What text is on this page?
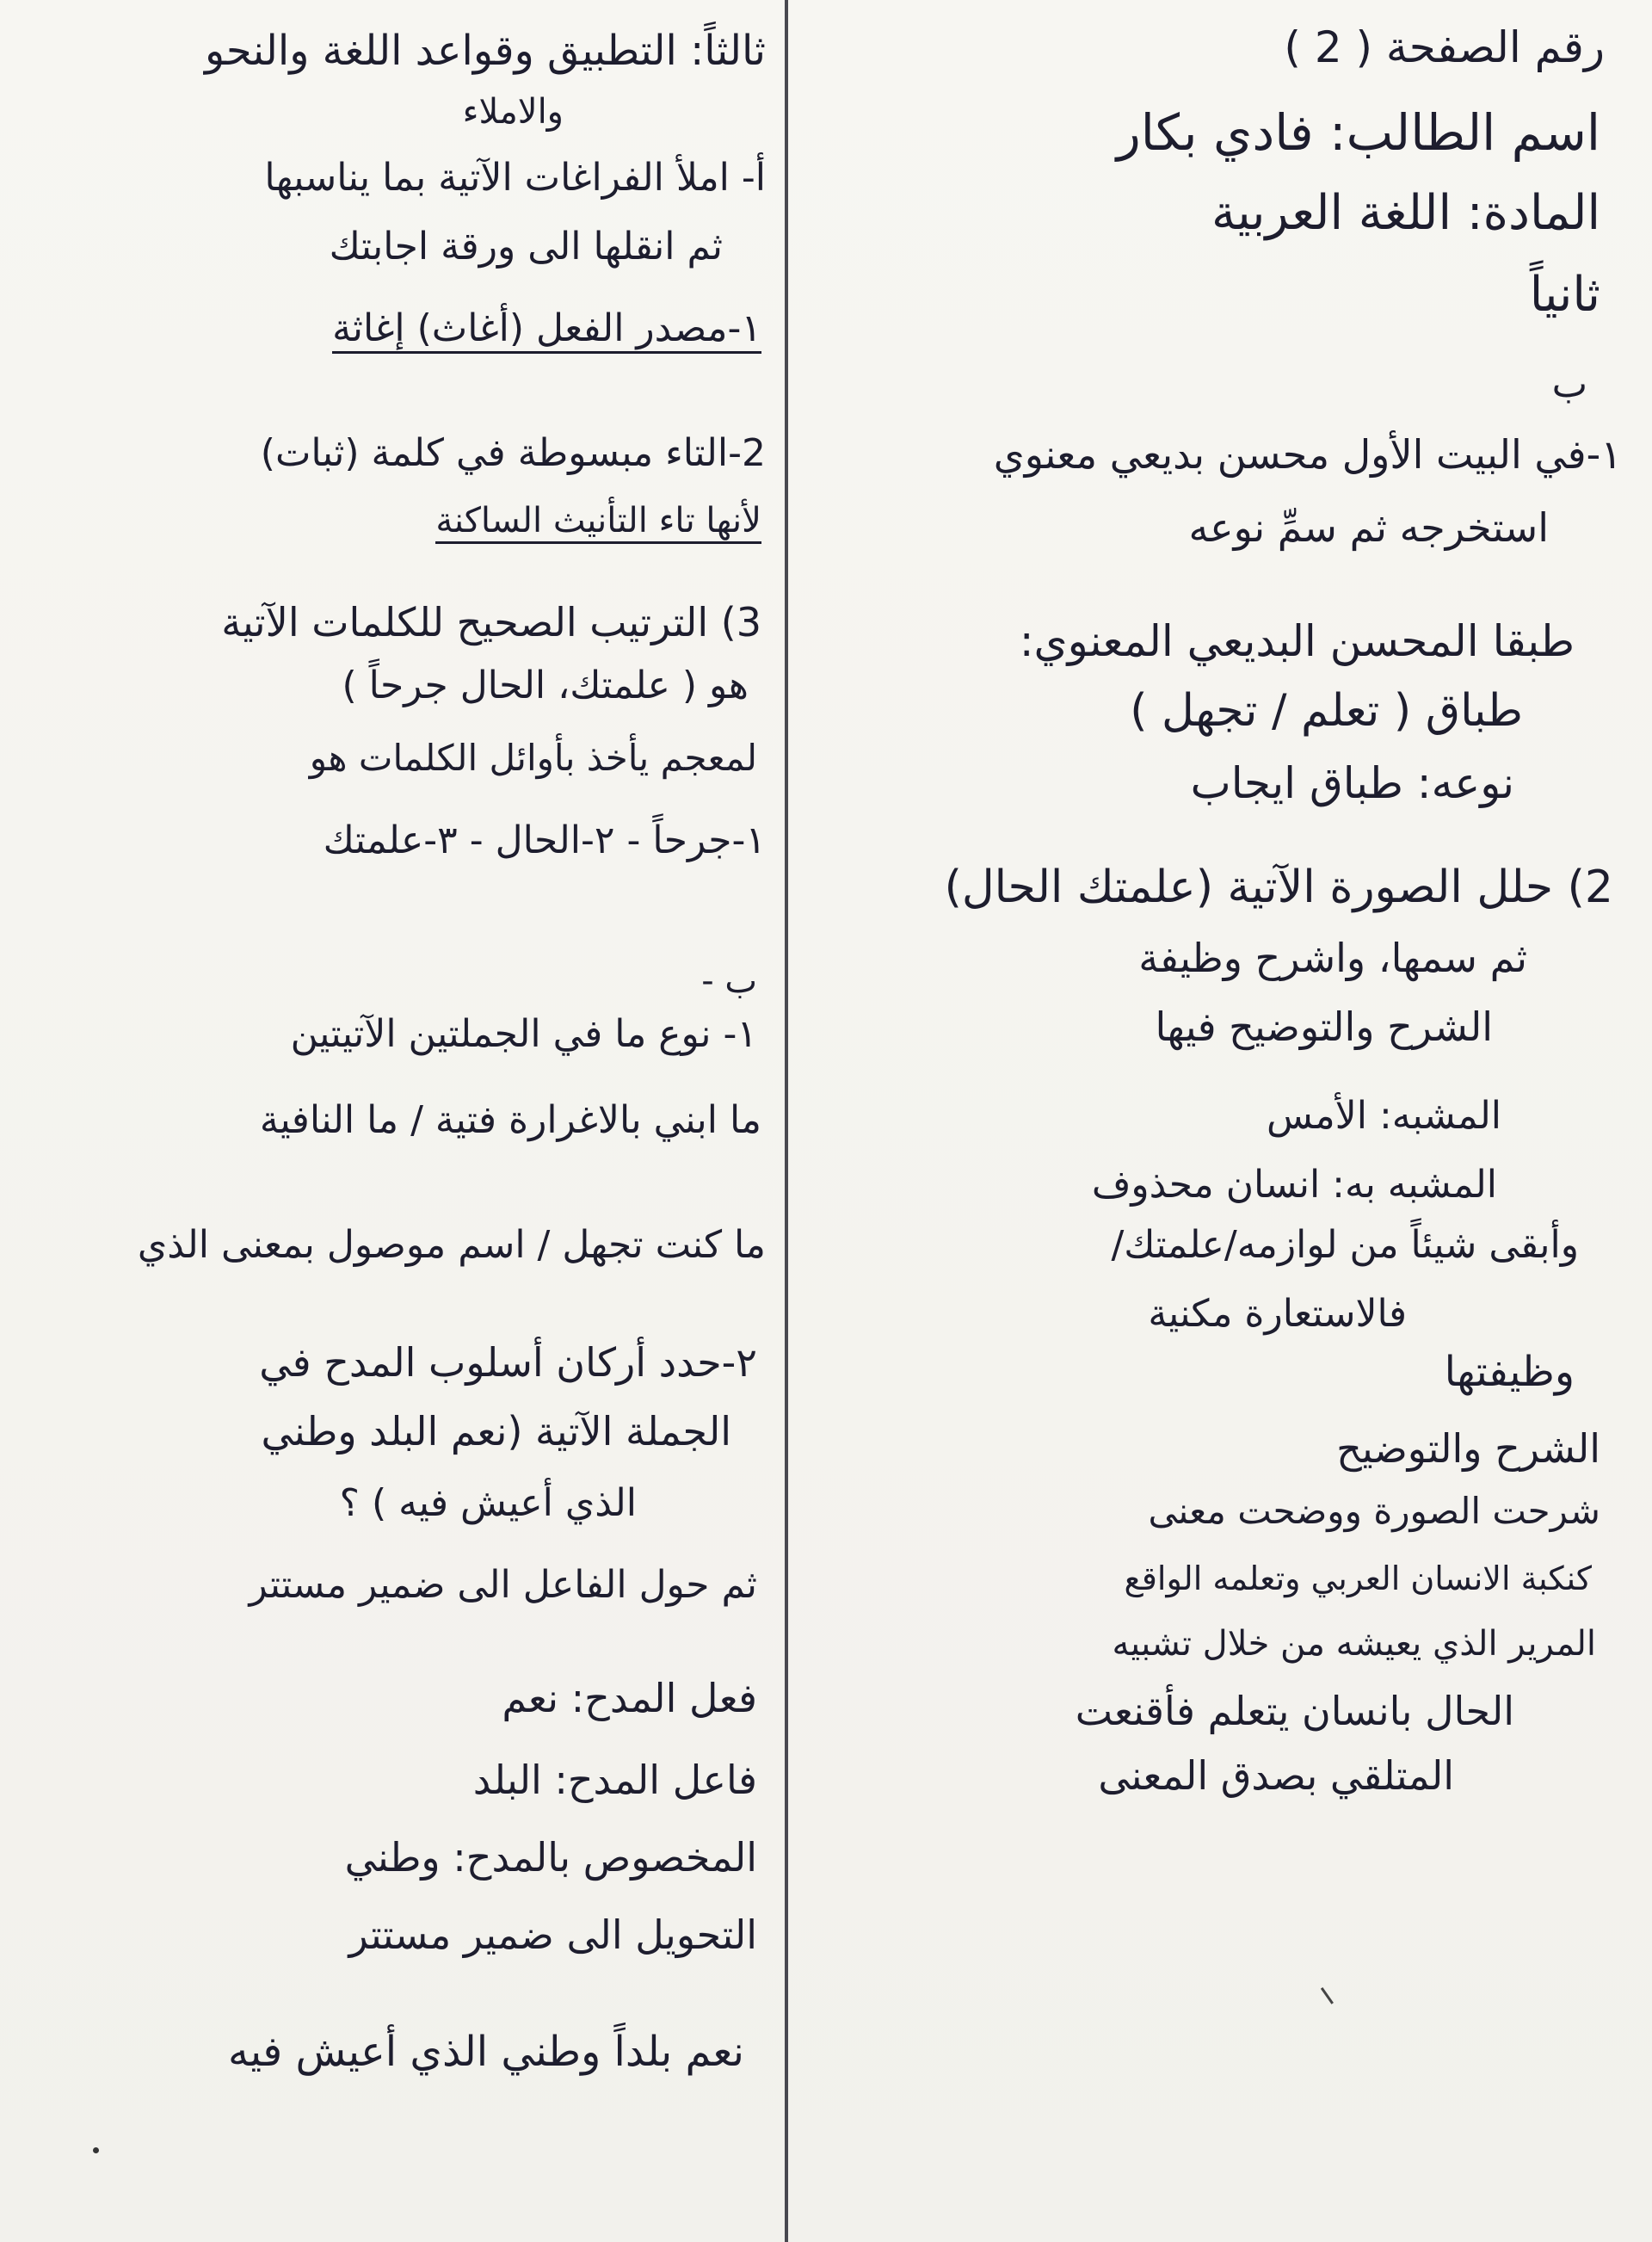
رقم الصفحة ( 2 )
اسم الطالب: فادي بكار
المادة: اللغة العربية
ثانياً
ب
١-في البيت الأول محسن بديعي معنوي
استخرجه ثم سمِّ نوعه
طبقا المحسن البديعي المعنوي:
طباق ( تعلم / تجهل )
نوعه: طباق ايجاب
2) حلل الصورة الآتية (علمتك الحال)
ثم سمها، واشرح وظيفة
الشرح والتوضيح فيها
المشبه: الأمس
المشبه به: انسان محذوف
وأبقى شيئاً من لوازمه/علمتك/
فالاستعارة مكنية
وظيفتها
الشرح والتوضيح
شرحت الصورة ووضحت معنى
كنكبة الانسان العربي وتعلمه الواقع
المرير الذي يعيشه من خلال تشبيه
الحال بانسان يتعلم فأقنعت
المتلقي بصدق المعنى
ثالثاً: التطبيق وقواعد اللغة والنحو
والاملاء
أ- املأ الفراغات الآتية بما يناسبها
ثم انقلها الى ورقة اجابتك
١-مصدر الفعل (أغاث) إغاثة
2-التاء مبسوطة في كلمة (ثبات)
لأنها تاء التأنيث الساكنة
3) الترتيب الصحيح للكلمات الآتية
هو ( علمتك، الحال جرحاً )
لمعجم يأخذ بأوائل الكلمات هو
١-جرحاً - ٢-الحال - ٣-علمتك
ب -
١- نوع ما في الجملتين الآتيتين
ما ابني بالاغرارة فتية / ما النافية
ما كنت تجهل / اسم موصول بمعنى الذي
٢-حدد أركان أسلوب المدح في
الجملة الآتية (نعم البلد وطني
الذي أعيش فيه ) ؟
ثم حول الفاعل الى ضمير مستتر
فعل المدح: نعم
فاعل المدح: البلد
المخصوص بالمدح: وطني
التحويل الى ضمير مستتر
نعم بلداً وطني الذي أعيش فيه
